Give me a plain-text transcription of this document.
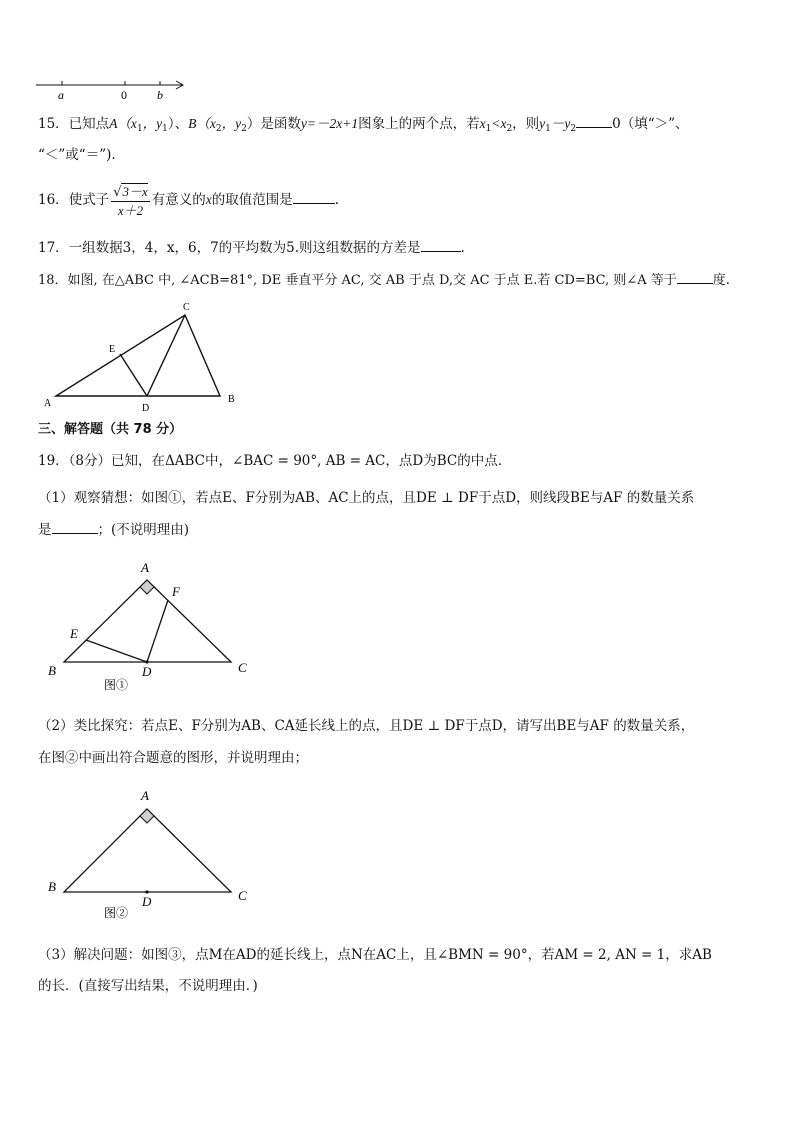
a	0	b
15．已知点$A(x_1$，$y_1$）、$B(x_2$，$y_2$）是函数y=－2x+1图象上的两个点，若$x_1<x_2$，则$y_1-y_2$	0（填“＞”、
“＜”或“＝”).
16．使式子 $\frac{√3-x}{x+2}$ 有意义的x的取值范围是	.
17．一组数据3，4，x，6，7的平均数为5.则这组数据的方差是	.
18．如图, 在△ABC 中, ∠ACB=81°, DE 垂直平分 AC, 交 AB 于点 D,交 AC 于点 E.若 CD=BC, 则∠A 等于	度.
A	B
C
D
E
三、解答题（共 78 分）
19．（8分）已知，在ΔABC中，∠BAC = 90°, AB = AC，点D为BC的中点．
（1）观察猜想：如图①，若点E、F分别为AB、AC上的点，且DE ⊥ DF于点D，则线段BE与AF 的数量关系
是	；(不说明理由)
A
F
E
B	D	C
图①
（2）类比探究：若点E、F分别为AB、CA延长线上的点，且DE ⊥ DF于点D，请写出BE与AF 的数量关系，
在图②中画出符合题意的图形，并说明理由；
A
B
D	C
图②
（3）解决问题：如图③，点M在AD的延长线上，点N在AC上，且∠BMN = 90°，若AM = 2, AN = 1，求AB
的长．(直接写出结果，不说明理由．)
